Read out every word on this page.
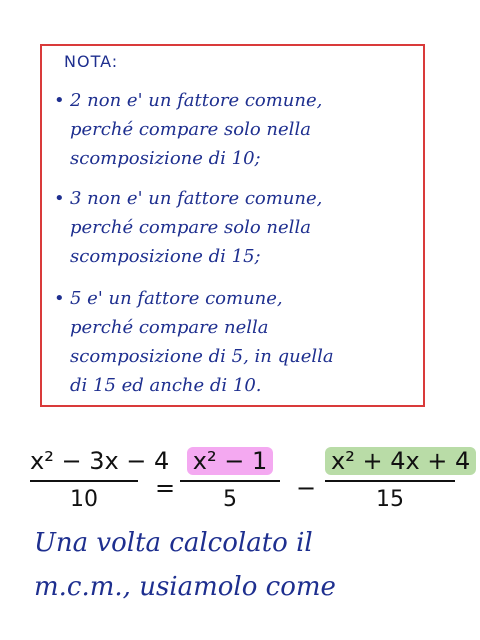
NOTA:
• 2 non e' un fattore comune,
perché compare solo nella
scomposizione di 10;
• 3 non e' un fattore comune,
perché compare solo nella
scomposizione di 15;
• 5 e' un fattore comune,
perché compare nella
scomposizione di 5, in quella
di 15 ed anche di 10.
x² − 3x − 4
10	=
x² − 1
5	−
x² + 4x + 4
15
Una volta calcolato il
m.c.m., usiamolo come
